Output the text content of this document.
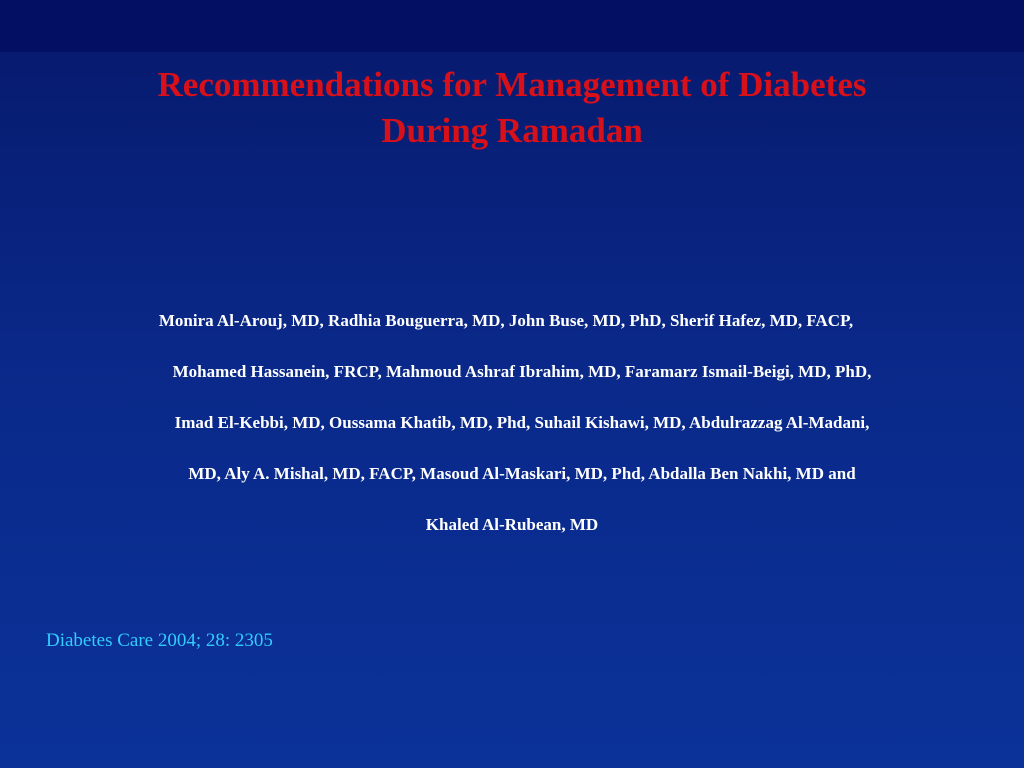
Recommendations for Management of Diabetes
During Ramadan
Monira Al-Arouj, MD, Radhia Bouguerra, MD, John Buse, MD, PhD, Sherif Hafez, MD, FACP,
Mohamed Hassanein, FRCP, Mahmoud Ashraf Ibrahim, MD, Faramarz Ismail-Beigi, MD, PhD,
Imad El-Kebbi, MD, Oussama Khatib, MD, Phd, Suhail Kishawi, MD, Abdulrazzag Al-Madani,
MD, Aly A. Mishal, MD, FACP, Masoud Al-Maskari, MD, Phd, Abdalla Ben Nakhi, MD and
Khaled Al-Rubean, MD
Diabetes Care 2004; 28: 2305
